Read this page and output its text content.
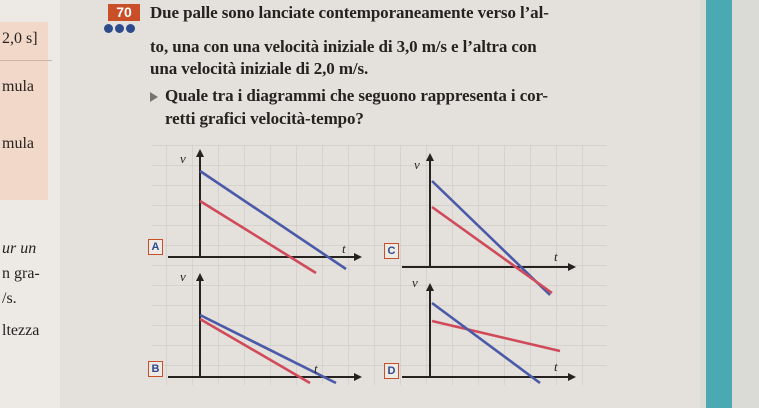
2,0 s]
mula
mula
ur un
n gra-
/s.
ltezza
70	Due palle sono lanciate contemporaneamente verso l’al-
to, una con una velocità iniziale di 3,0 m/s e l’altra con
una velocità iniziale di 2,0 m/s.
Quale tra i diagrammi che seguono rappresenta i cor-
retti grafici velocità-tempo?
v
t
v
t
v
t
v
t
A
B
C
D
